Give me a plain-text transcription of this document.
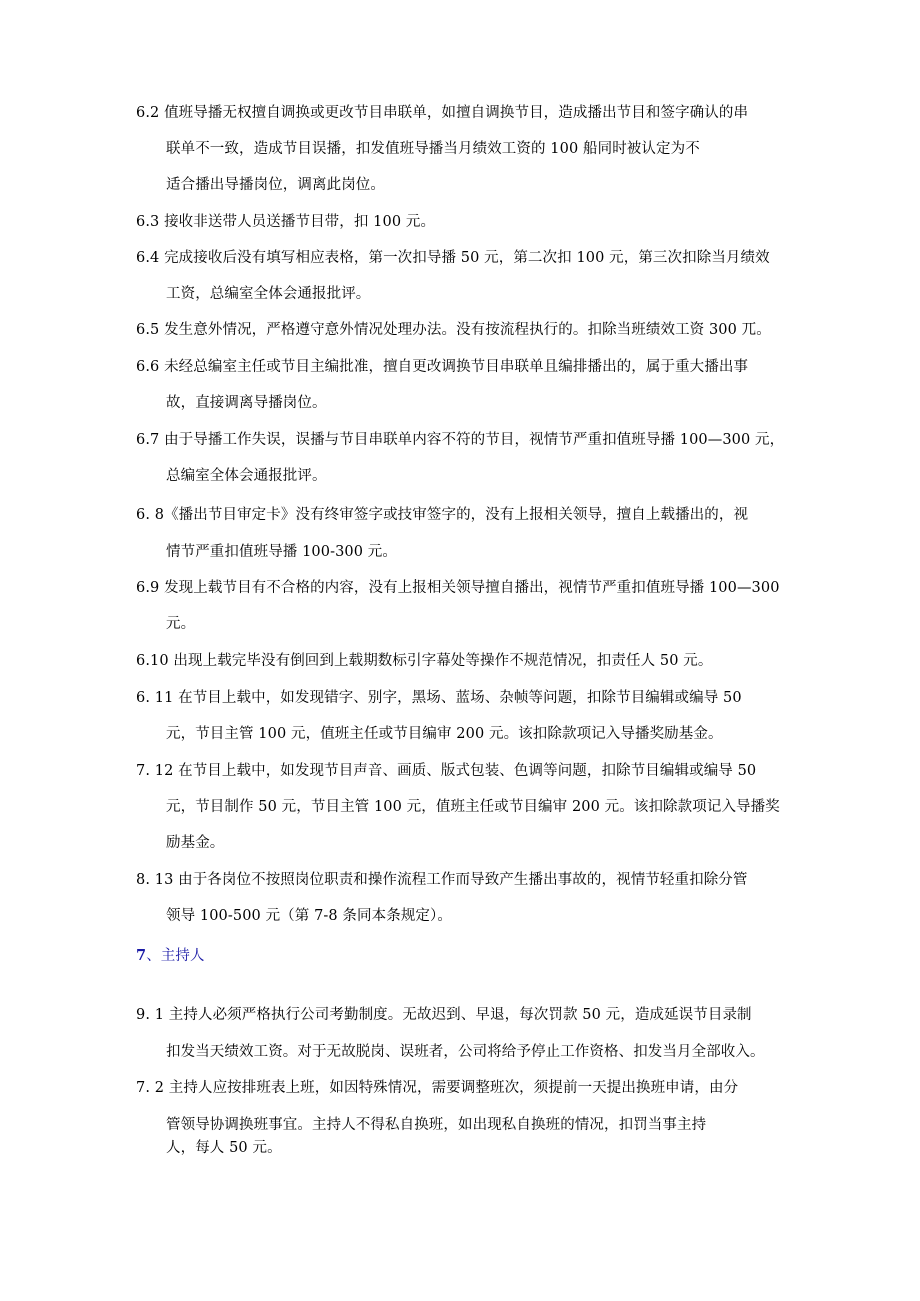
6.2 值班导播无权擅自调换或更改节目串联单，如擅自调换节目，造成播出节目和签字确认的串
联单不一致，造成节目误播，扣发值班导播当月绩效工资的 100 船同时被认定为不
适合播出导播岗位，调离此岗位。
6.3 接收非送带人员送播节目带，扣 100 元。
6.4 完成接收后没有填写相应表格，第一次扣导播 50 元，第二次扣 100 元，第三次扣除当月绩效
工资，总编室全体会通报批评。
6.5 发生意外情况，严格遵守意外情况处理办法。没有按流程执行的。扣除当班绩效工资 300 兀。
6.6 未经总编室主任或节目主编批准，擅自更改调换节目串联单且编排播出的，属于重大播出事
故，直接调离导播岗位。
6.7 由于导播工作失误，误播与节目串联单内容不符的节目，视情节严重扣值班导播 100—300 元，
总编室全体会通报批评。
6. 8《播出节目审定卡》没有终审签字或技审签字的，没有上报相关领导，擅自上载播出的，视
情节严重扣值班导播 100-300 元。
6.9 发现上载节目有不合格的内容，没有上报相关领导擅自播出，视情节严重扣值班导播 100—300
元。
6.10 出现上载完毕没有倒回到上载期数标引字幕处等操作不规范情况，扣责任人 50 元。
6. 11 在节目上载中，如发现错字、别字，黑场、蓝场、杂帧等问题，扣除节目编辑或编导 50
元，节目主管 100 元，值班主任或节目编审 200 元。该扣除款项记入导播奖励基金。
7. 12 在节目上载中，如发现节目声音、画质、版式包装、色调等问题，扣除节目编辑或编导 50
元，节目制作 50 元，节目主管 100 元，值班主任或节目编审 200 元。该扣除款项记入导播奖
励基金。
8. 13 由于各岗位不按照岗位职责和操作流程工作而导致产生播出事故的，视情节轻重扣除分管
领导 100-500 元（第 7-8 条同本条规定）。
7、主持人
9. 1 主持人必须严格执行公司考勤制度。无故迟到、早退，每次罚款 50 元，造成延误节目录制
扣发当天绩效工资。对于无故脱岗、误班者，公司将给予停止工作资格、扣发当月全部收入。
7. 2 主持人应按排班表上班，如因特殊情况，需要调整班次，须提前一天提出换班申请，由分
管领导协调换班事宜。主持人不得私自换班，如出现私自换班的情况，扣罚当事主持
人，每人 50 元。
